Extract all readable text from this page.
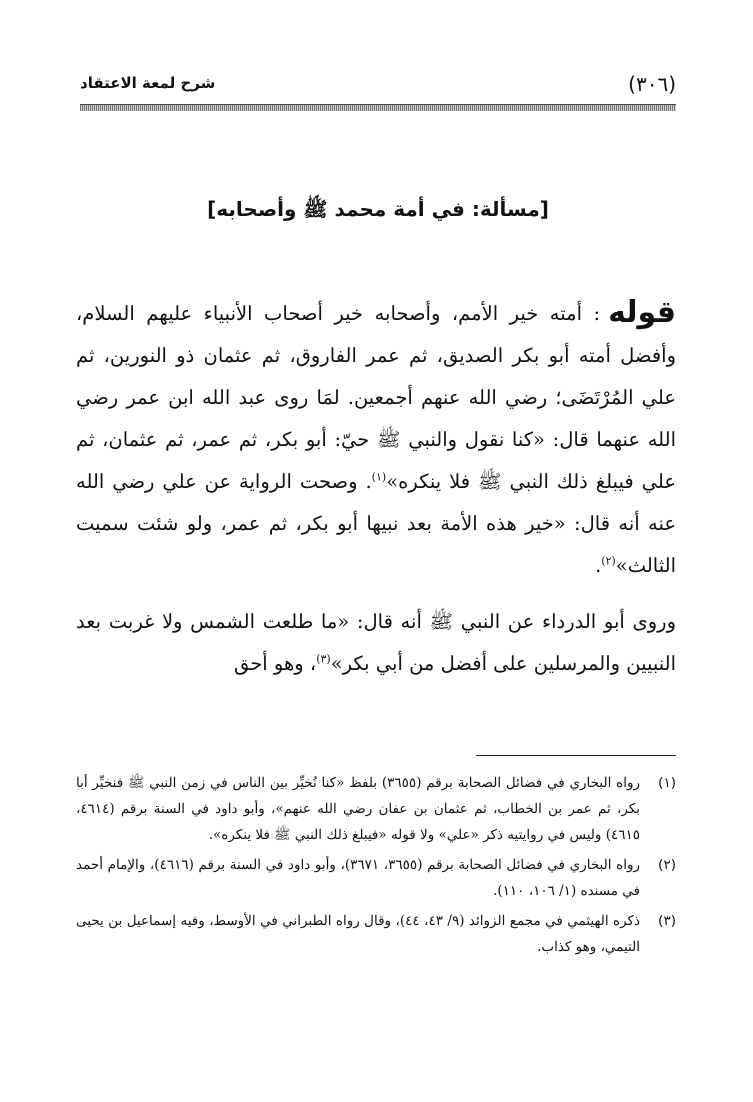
(٣٠٦)
شرح لمعة الاعتقاد
[مسألة: في أمة محمد ﷺ وأصحابه]

قوله: أمته خير الأمم، وأصحابه خير أصحاب الأنبياء عليهم السلام، وأفضل أمته أبو بكر الصديق، ثم عمر الفاروق، ثم عثمان ذو النورين، ثم علي المُرْتَضَى؛ رضي الله عنهم أجمعين. لمَا روى عبد الله ابن عمر رضي الله عنهما قال: «كنا نقول والنبي ﷺ حيّ: أبو بكر، ثم عمر، ثم عثمان، ثم علي فيبلغ ذلك النبي ﷺ فلا ينكره»$^{(١)}$. وصحت الرواية عن علي رضي الله عنه أنه قال: «خير هذه الأمة بعد نبيها أبو بكر، ثم عمر، ولو شئت سميت الثالث»$^{(٢)}$.

وروى أبو الدرداء عن النبي ﷺ أنه قال: «ما طلعت الشمس ولا غربت بعد النبيين والمرسلين على أفضل من أبي بكر»$^{(٣)}$، وهو أحق

(١)
رواه البخاري في فضائل الصحابة برقم (٣٦٥٥) بلفظ «كنا نُخيِّر بين الناس في زمن النبي ﷺ فنخيِّر أبا بكر، ثم عمر بن الخطاب، ثم عثمان بن عفان رضي الله عنهم»، وأبو داود في السنة برقم (٤٦١٤، ٤٦١٥) وليس في روايتيه ذكر «علي» ولا قوله «فيبلغ ذلك النبي ﷺ فلا ينكره».
(٢)
رواه البخاري في فضائل الصحابة برقم (٣٦٥٥، ٣٦٧١)، وأبو داود في السنة برقم (٤٦١٦)، والإمام أحمد في مسنده (١/ ١٠٦، ١١٠).
(٣)
ذكره الهيثمي في مجمع الزوائد (٩/ ٤٣، ٤٤)، وقال رواه الطبراني في الأوسط، وفيه إسماعيل بن يحيى التيمي، وهو كذاب.
